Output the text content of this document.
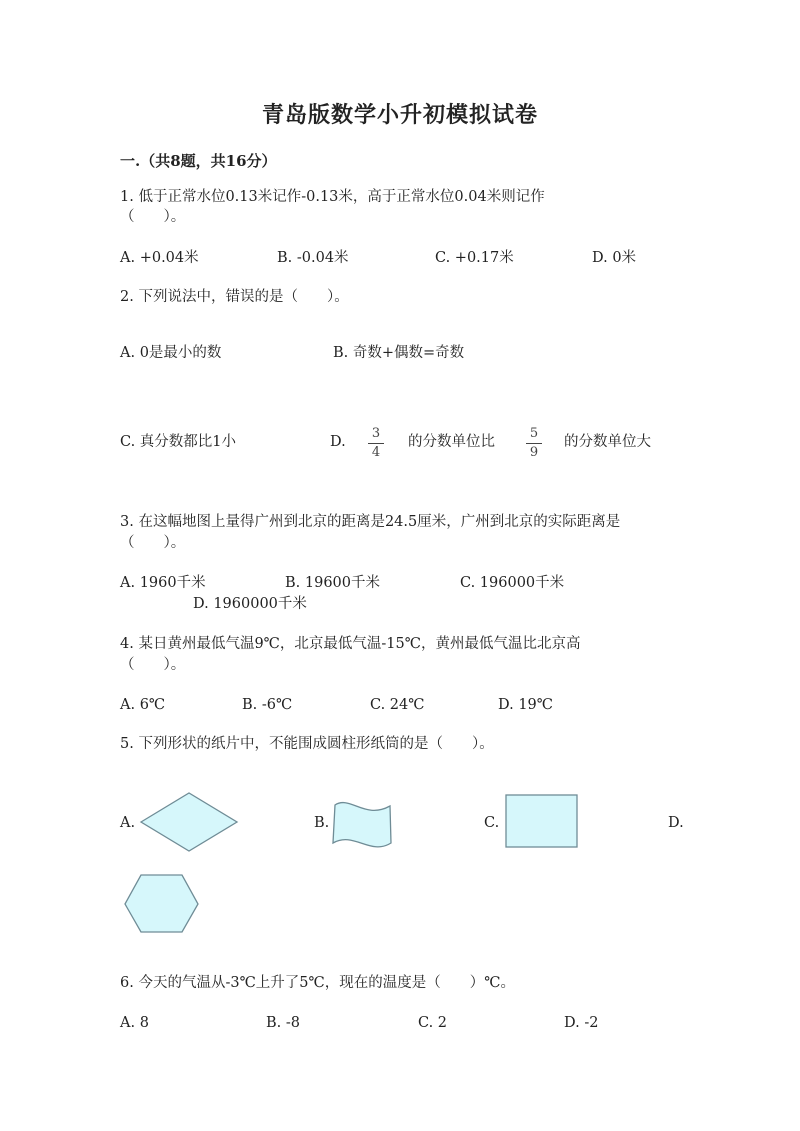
青岛版数学小升初模拟试卷
一.（共8题，共16分）
1. 低于正常水位0.13米记作-0.13米，高于正常水位0.04米则记作
（　　）。
A. +0.04米	B. -0.04米	C. +0.17米	D. 0米
2. 下列说法中，错误的是（　　）。
A. 0是最小的数	B. 奇数+偶数=奇数
C. 真分数都比1小	D.
3
4
的分数单位比
5
9
的分数单位大
3. 在这幅地图上量得广州到北京的距离是24.5厘米，广州到北京的实际距离是
（　　）。
A. 1960千米	B. 19600千米	C. 196000千米
D. 1960000千米
4. 某日黄州最低气温9℃，北京最低气温-15℃，黄州最低气温比北京高
（　　）。
A. 6℃	B. -6℃	C. 24℃	D. 19℃
5. 下列形状的纸片中，不能围成圆柱形纸筒的是（　　）。
A.	B.	C.	D.
6. 今天的气温从-3℃上升了5℃，现在的温度是（　　）℃。
A. 8	B. -8	C. 2	D. -2
